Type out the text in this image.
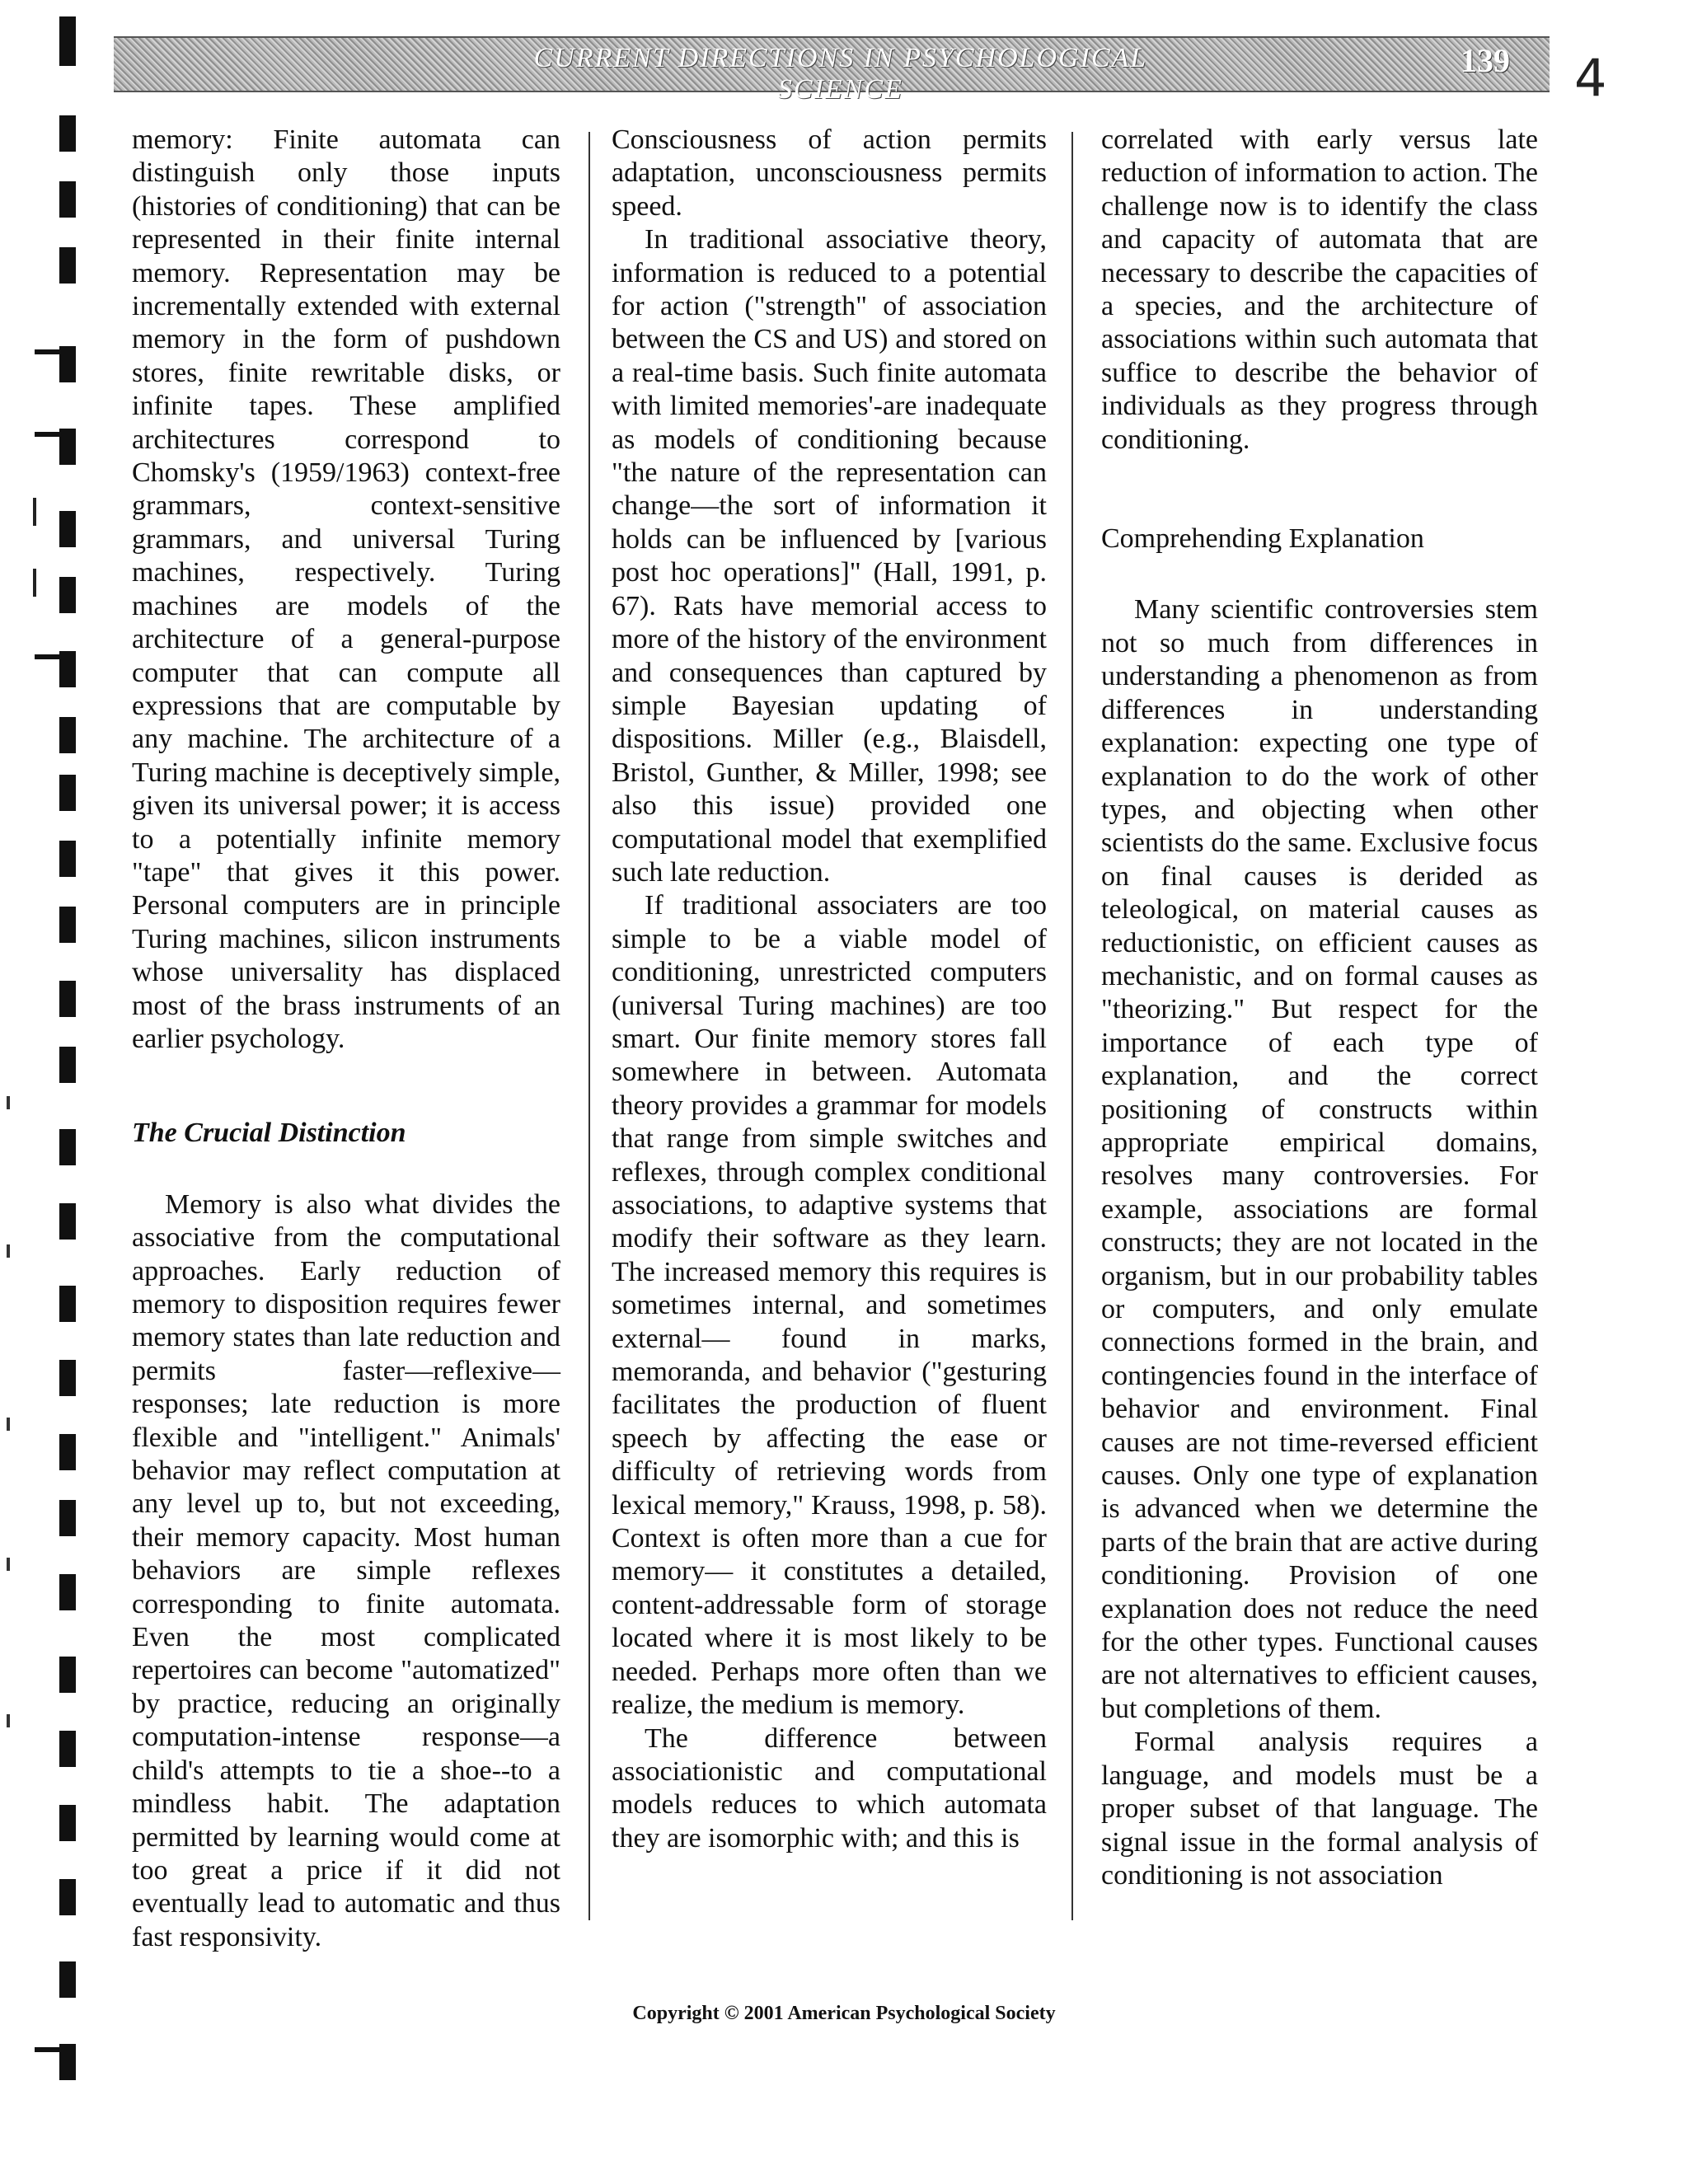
CURRENT DIRECTIONS IN PSYCHOLOGICAL SCIENCE
139 4

memory: Finite automata can distinguish only those inputs (histories of conditioning) that can be represented in their finite internal memory. Representation may be incrementally extended with external memory in the form of pushdown stores, finite rewritable disks, or infinite tapes. These amplified architectures correspond to Chomsky's (1959/1963) context-free grammars, context-sensitive grammars, and universal Turing machines, respectively. Turing machines are models of the architecture of a general-purpose computer that can compute all expressions that are computable by any machine. The architecture of a Turing machine is deceptively simple, given its universal power; it is access to a potentially infinite memory "tape" that gives it this power. Personal computers are in principle Turing machines, silicon instruments whose universality has displaced most of the brass instruments of an earlier psychology.

The Crucial Distinction

Memory is also what divides the associative from the computational approaches. Early reduction of memory to disposition requires fewer memory states than late reduction and permits faster—reflexive— responses; late reduction is more flexible and "intelligent." Animals' behavior may reflect computation at any level up to, but not exceeding, their memory capacity. Most human behaviors are simple reflexes corresponding to finite automata. Even the most complicated repertoires can become "automatized" by practice, reducing an originally computation-intense response—a child's attempts to tie a shoe--to a mindless habit. The adaptation permitted by learning would come at too great a price if it did not eventually lead to automatic and thus fast responsivity.

Consciousness of action permits adaptation, unconsciousness permits speed.

In traditional associative theory, information is reduced to a potential for action ("strength" of association between the CS and US) and stored on a real-time basis. Such finite automata with limited memories'-are inadequate as models of conditioning because "the nature of the representation can change—the sort of information it holds can be influenced by [various post hoc operations]" (Hall, 1991, p. 67). Rats have memorial access to more of the history of the environment and consequences than captured by simple Bayesian updating of dispositions. Miller (e.g., Blaisdell, Bristol, Gunther, & Miller, 1998; see also this issue) provided one computational model that exemplified such late reduction.

If traditional associaters are too simple to be a viable model of conditioning, unrestricted computers (universal Turing machines) are too smart. Our finite memory stores fall somewhere in between. Automata theory provides a grammar for models that range from simple switches and reflexes, through complex conditional associations, to adaptive systems that modify their software as they learn. The increased memory this requires is sometimes internal, and sometimes external— found in marks, memoranda, and behavior ("gesturing facilitates the production of fluent speech by affecting the ease or difficulty of retrieving words from lexical memory," Krauss, 1998, p. 58). Context is often more than a cue for memory— it constitutes a detailed, content-addressable form of storage located where it is most likely to be needed. Perhaps more often than we realize, the medium is memory.

The difference between associationistic and computational models reduces to which automata they are isomorphic with; and this is

correlated with early versus late reduction of information to action. The challenge now is to identify the class and capacity of automata that are necessary to describe the capacities of a species, and the architecture of associations within such automata that suffice to describe the behavior of individuals as they progress through conditioning.

Comprehending Explanation

Many scientific controversies stem not so much from differences in understanding a phenomenon as from differences in understanding explanation: expecting one type of explanation to do the work of other types, and objecting when other scientists do the same. Exclusive focus on final causes is derided as teleological, on material causes as reductionistic, on efficient causes as mechanistic, and on formal causes as "theorizing." But respect for the importance of each type of explanation, and the correct positioning of constructs within appropriate empirical domains, resolves many controversies. For example, associations are formal constructs; they are not located in the organism, but in our probability tables or computers, and only emulate connections formed in the brain, and contingencies found in the interface of behavior and environment. Final causes are not time-reversed efficient causes. Only one type of explanation is advanced when we determine the parts of the brain that are active during conditioning. Provision of one explanation does not reduce the need for the other types. Functional causes are not alternatives to efficient causes, but completions of them.

Formal analysis requires a language, and models must be a proper subset of that language. The signal issue in the formal analysis of conditioning is not association

Copyright © 2001 American Psychological Society
